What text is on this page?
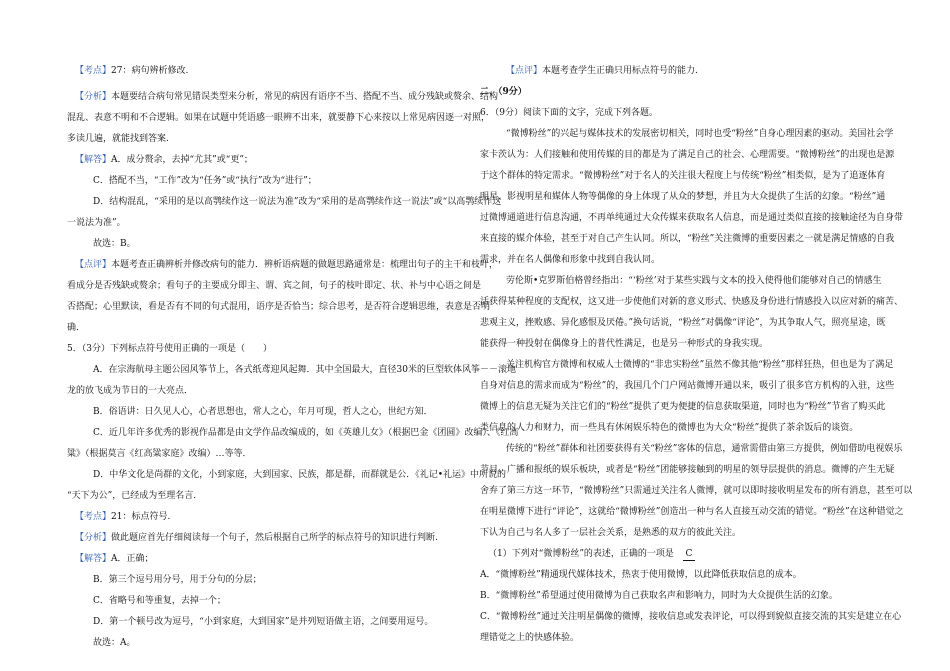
【考点】27：病句辨析修改.
【分析】本题要结合病句常见错误类型来分析，常见的病因有语序不当、搭配不当、成分残缺或赘余、结构
混乱、表意不明和不合逻辑。如果在试题中凭语感一眼辨不出来，就要静下心来按以上常见病因逐一对照，
多读几遍，就能找到答案.
【解答】A．成分赘余，去掉“尤其”或“更”；
C．搭配不当，“工作”改为“任务”或“执行”改为“进行”；
D．结构混乱，“采用的是以高鹗续作这一说法为准”改为“采用的是高鹗续作这一说法”或“以高鹗续作这
一说法为准”。
故选：B。
【点评】本题考查正确辨析并修改病句的能力．辨析语病题的做题思路通常是：梳理出句子的主干和枝叶，
看成分是否残缺或赘余；看句子的主要成分即主、谓、宾之间，句子的枝叶即定、状、补与中心语之间是
否搭配；心里默读，看是否有不同的句式混用，语序是否恰当；综合思考，是否符合逻辑思维，表意是否明
确.
5．（3分）下列标点符号使用正确的一项是（　　）
A．在宗海航母主题公园风筝节上，各式纸鸢迎风起舞．其中全国最大，直径30米的巨型软体风筝－－滚地
龙的放飞成为节日的一大亮点．
B．俗语讲：日久见人心，心者思想也，常人之心，年月可现，哲人之心，世纪方知．
C．近几年许多优秀的影视作品都是由文学作品改编成的，如《英雄儿女》（根据巴金《团圆》改编）、《红高
粱》（根据莫言《红高粱家庭》改编）…等等．
D．中华文化是尚群的文化，小到家庭，大到国家、民族，都是群，而群就是公．《礼记•礼运》中所说的
“天下为公”，已经成为至理名言．
【考点】21：标点符号.
【分析】做此题应首先仔细阅读每一个句子，然后根据自己所学的标点符号的知识进行判断.
【解答】A．正确；
B．第三个逗号用分号，用于分句的分层；
C．省略号和等重复，去掉一个；
D．第一个顿号改为逗号，“小到家庭，大到国家”是并列短语做主语，之间要用逗号。
故选：A。
【点评】本题考查学生正确只用标点符号的能力.
二、（9分）
6．（9分）阅读下面的文字，完成下列各题。
“微博粉丝”的兴起与媒体技术的发展密切相关，同时也受“粉丝”自身心理因素的驱动。美国社会学
家卡茨认为：人们接触和使用传媒的目的都是为了满足自己的社会、心理需要。“微博粉丝”的出现也是源
于这个群体的特定需求。“微博粉丝”对于名人的关注很大程度上与传统“粉丝”相类似，是为了追逐体育
明星、影视明星和媒体人物等偶像的身上体现了从众的梦想，并且为大众提供了生活的幻象。“粉丝”通
过微博通道进行信息沟通，不再单纯通过大众传媒来获取名人信息，而是通过类似直接的接触途径为自身带
来直接的媒介体验，甚至于对自己产生认同。所以，“粉丝”关注微博的重要因素之一就是满足情感的自我
需求，并在名人偶像和形象中找到自我认同。
劳伦斯•克罗斯伯格曾经指出：“‘粉丝’对于某些实践与文本的投入使得他们能够对自己的情感生
活获得某种程度的支配权，这又进一步使他们对新的意义形式、快感及身份进行情感投入以应对新的痛苦、
悲观主义，挫败感、异化感恨及厌倦。”换句话说，“粉丝”对偶像“评论”，为其争取人气，照亮星途，既
能获得一种投射在偶像身上的普代性满足，也是另一种形式的身我实现。
关注机构官方微博和权威人士微博的“非忠实粉丝”虽然不像其他“粉丝”那样狂热，但也是为了满足
自身对信息的需求而成为“粉丝”的，我国几个门户网站微博开通以来，吸引了很多官方机构的入驻，这些
微博上的信息无疑为关注它们的“粉丝”提供了更为便捷的信息获取渠道，同时也为“粉丝”节省了购买此
类信息的人力和财力，而一些具有休闲娱乐特色的微博也为大众“粉丝”提供了茶余饭后的谈资。
传统的“粉丝”群体和社团要获得有关“粉丝”客体的信息，通常需借由第三方提供，例如借助电视娱乐
节目、广播和报纸的娱乐板块，或者是“粉丝”团能够接触到的明星的领导层提供的消息。微博的产生无疑
舍弃了第三方这一环节，“微博粉丝”只需通过关注名人微博，就可以即时接收明星发布的所有消息，甚至可以
在明星微博下进行“评论”，这就给“微博粉丝”创造出一种与名人直接互动交流的错觉。“粉丝”在这种错觉之
下认为自己与名人多了一层社会关系，是熟悉的双方的彼此关注。
（1）下列对“微博粉丝”的表述，正确的一项是　 C
A．“微博粉丝”精通现代媒体技术，热衷于使用微博，以此降低获取信息的成本。
B．“微博粉丝”希望通过使用微博为自己获取名声和影响力，同时为大众提供生活的幻象。
C．“微博粉丝”通过关注明星偶像的微博，接收信息或发表评论，可以得到貌似直接交流的其实是建立在心
理错觉之上的快感体验。
